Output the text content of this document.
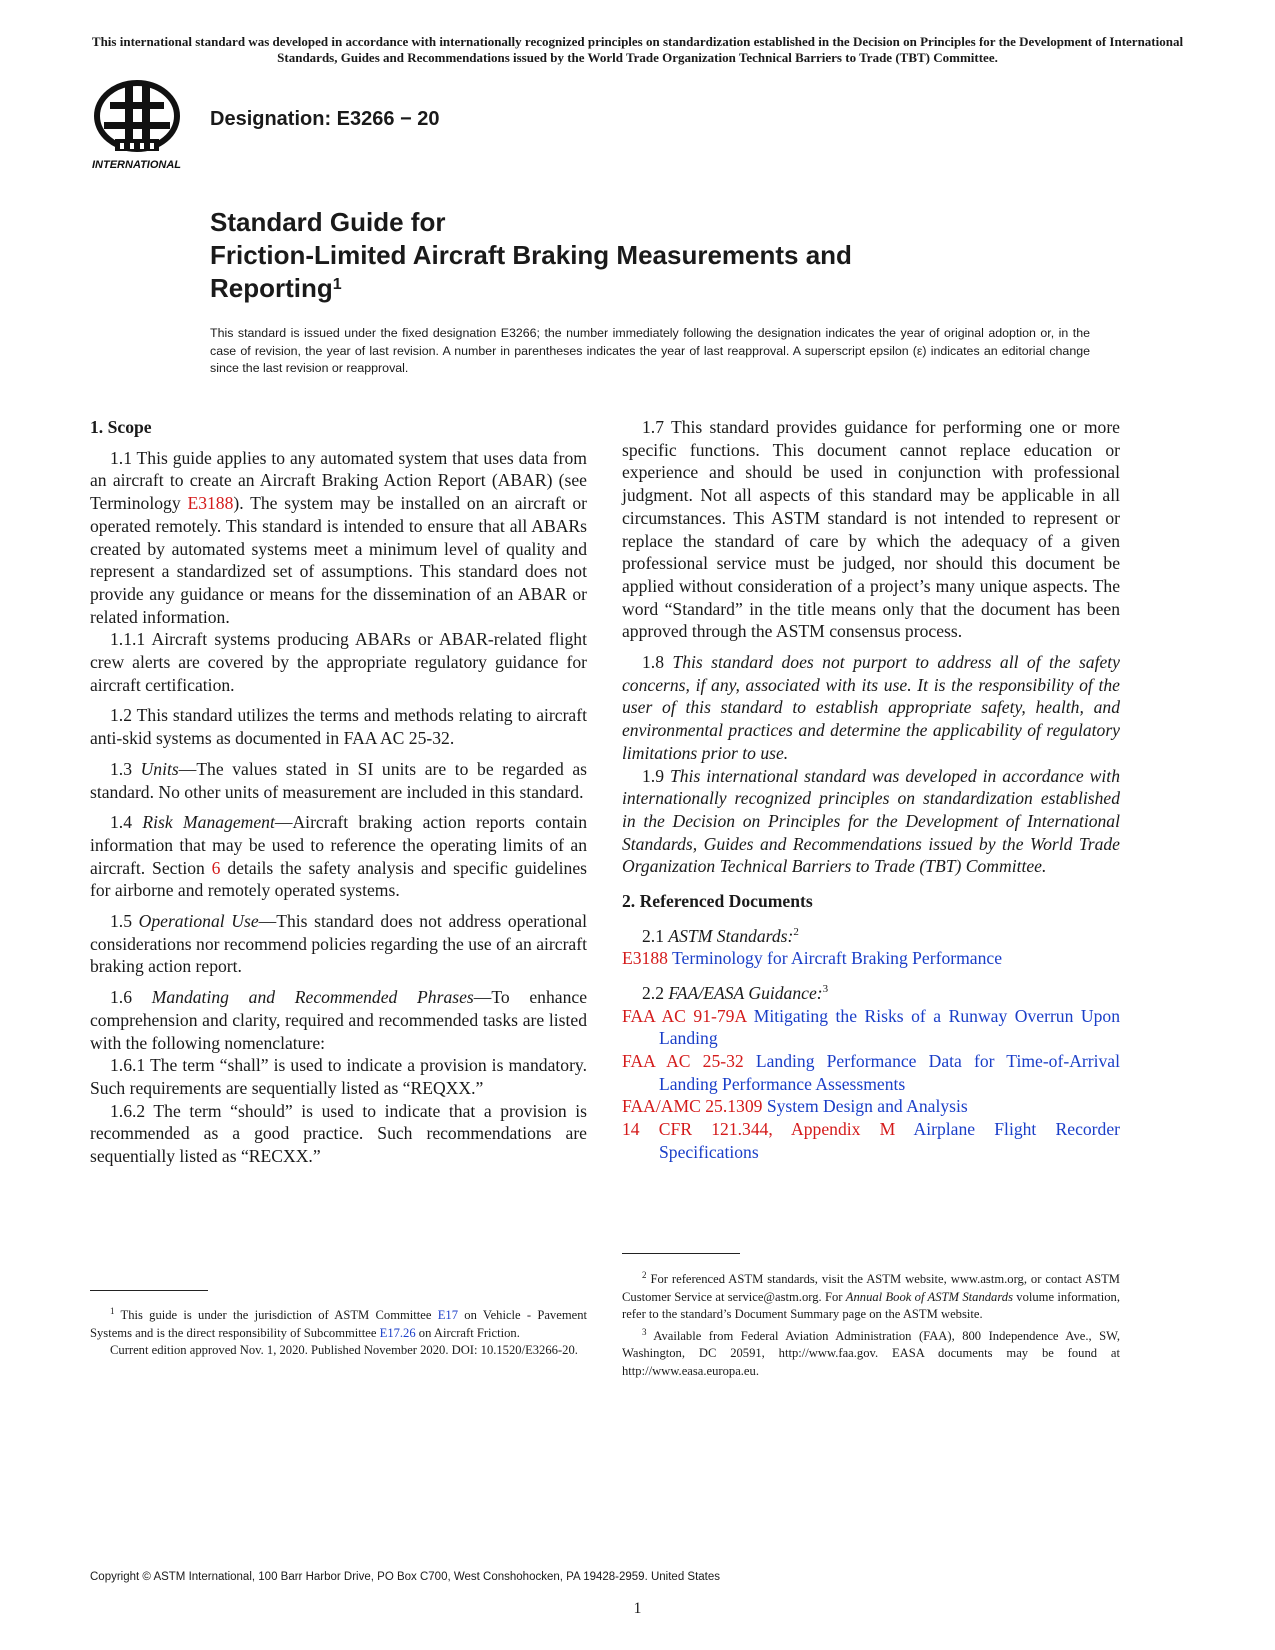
This international standard was developed in accordance with internationally recognized principles on standardization established in the Decision on Principles for the Development of International Standards, Guides and Recommendations issued by the World Trade Organization Technical Barriers to Trade (TBT) Committee.
INTERNATIONAL
Designation: E3266 − 20
Standard Guide for
Friction-Limited Aircraft Braking Measurements and
Reporting$^1$
This standard is issued under the fixed designation E3266; the number immediately following the designation indicates the year of original adoption or, in the case of revision, the year of last revision. A number in parentheses indicates the year of last reapproval. A superscript epsilon (ε) indicates an editorial change since the last revision or reapproval.
1. Scope

1.1 This guide applies to any automated system that uses data from an aircraft to create an Aircraft Braking Action Report (ABAR) (see Terminology E3188). The system may be installed on an aircraft or operated remotely. This standard is intended to ensure that all ABARs created by automated systems meet a minimum level of quality and represent a standardized set of assumptions. This standard does not provide any guidance or means for the dissemination of an ABAR or related information.

1.1.1 Aircraft systems producing ABARs or ABAR-related flight crew alerts are covered by the appropriate regulatory guidance for aircraft certification.

1.2 This standard utilizes the terms and methods relating to aircraft anti-skid systems as documented in FAA AC 25-32.

1.3 Units—The values stated in SI units are to be regarded as standard. No other units of measurement are included in this standard.

1.4 Risk Management—Aircraft braking action reports contain information that may be used to reference the operating limits of an aircraft. Section 6 details the safety analysis and specific guidelines for airborne and remotely operated systems.

1.5 Operational Use—This standard does not address operational considerations nor recommend policies regarding the use of an aircraft braking action report.

1.6 Mandating and Recommended Phrases—To enhance comprehension and clarity, required and recommended tasks are listed with the following nomenclature:

1.6.1 The term “shall” is used to indicate a provision is mandatory. Such requirements are sequentially listed as “REQXX.”

1.6.2 The term “should” is used to indicate that a provision is recommended as a good practice. Such recommendations are sequentially listed as “RECXX.”

1.7 This standard provides guidance for performing one or more specific functions. This document cannot replace education or experience and should be used in conjunction with professional judgment. Not all aspects of this standard may be applicable in all circumstances. This ASTM standard is not intended to represent or replace the standard of care by which the adequacy of a given professional service must be judged, nor should this document be applied without consideration of a project’s many unique aspects. The word “Standard” in the title means only that the document has been approved through the ASTM consensus process.

1.8 This standard does not purport to address all of the safety concerns, if any, associated with its use. It is the responsibility of the user of this standard to establish appropriate safety, health, and environmental practices and determine the applicability of regulatory limitations prior to use.

1.9 This international standard was developed in accordance with internationally recognized principles on standardization established in the Decision on Principles for the Development of International Standards, Guides and Recommendations issued by the World Trade Organization Technical Barriers to Trade (TBT) Committee.

2. Referenced Documents

2.1 ASTM Standards:$^2$

E3188 Terminology for Aircraft Braking Performance

2.2 FAA/EASA Guidance:$^3$

FAA AC 91-79A Mitigating the Risks of a Runway Overrun Upon Landing

FAA AC 25-32 Landing Performance Data for Time-of-Arrival Landing Performance Assessments

FAA/AMC 25.1309 System Design and Analysis

14 CFR 121.344, Appendix M Airplane Flight Recorder Specifications

$^1$ This guide is under the jurisdiction of ASTM Committee E17 on Vehicle - Pavement Systems and is the direct responsibility of Subcommittee E17.26 on Aircraft Friction.

Current edition approved Nov. 1, 2020. Published November 2020. DOI: 10.1520/E3266-20.

$^2$ For referenced ASTM standards, visit the ASTM website, www.astm.org, or contact ASTM Customer Service at service@astm.org. For Annual Book of ASTM Standards volume information, refer to the standard’s Document Summary page on the ASTM website.

$^3$ Available from Federal Aviation Administration (FAA), 800 Independence Ave., SW, Washington, DC 20591, http://www.faa.gov. EASA documents may be found at http://www.easa.europa.eu.

Copyright © ASTM International, 100 Barr Harbor Drive, PO Box C700, West Conshohocken, PA 19428-2959. United States
1
